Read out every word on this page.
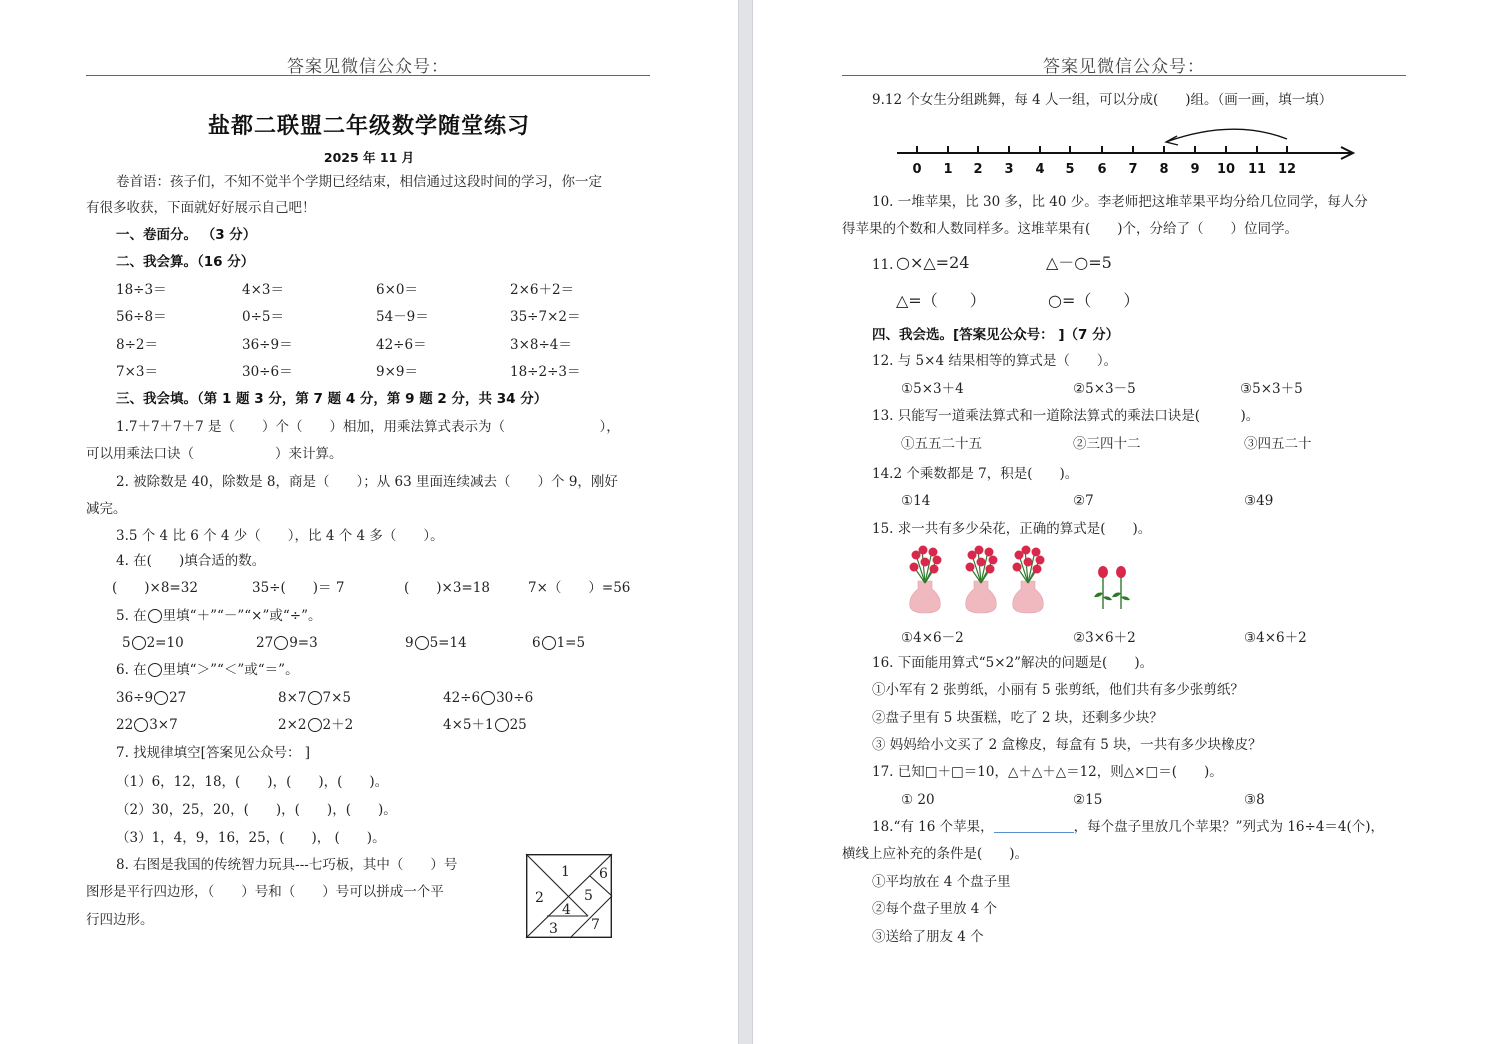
答案见微信公众号：
盐都二联盟二年级数学随堂练习
2025 年 11 月
卷首语：孩子们，不知不觉半个学期已经结束，相信通过这段时间的学习，你一定
有很多收获，下面就好好展示自己吧！
一、卷面分。 （3 分）
二、我会算。（16 分）
18÷3＝	4×3＝	6×0＝	2×6＋2＝
56÷8＝	0÷5＝	54－9＝	35÷7×2＝
8÷2＝	36÷9＝	42÷6＝	3×8÷4＝
7×3＝	30÷6＝	9×9＝	18÷2÷3＝
三、我会填。（第 1 题 3 分，第 7 题 4 分，第 9 题 2 分，共 34 分）
1.7＋7＋7＋7 是（　　）个（　　）相加，用乘法算式表示为（　　　　　　　），
可以用乘法口诀（　　　　　　）来计算。
2. 被除数是 40，除数是 8，商是（　　）；从 63 里面连续减去（　　）个 9，刚好
减完。
3.5 个 4 比 6 个 4 少（　　），比 4 个 4 多（　　）。
4. 在(　　)填合适的数。
(　　)×8=32	35÷(　　)＝ 7	(　　)×3=18	7×（　　）=56
5. 在 里填“＋”“－”“×”或“÷”。
5 2=10	27 9=3	9 5=14	6 1=5
6. 在 里填“＞”“＜”或“＝”。
36÷9 27	8×7 7×5	42÷6 30÷6
22 3×7	2×2 2＋2	4×5＋1 25
7. 找规律填空[答案见公众号： ]
（1）6，12，18，(　　)，(　　)，(　　)。
（2）30，25，20，(　　)，(　　)，(　　)。
（3）1，4，9，16，25，(　　)， (　　)。
8. 右图是我国的传统智力玩具---七巧板，其中（　　）号
图形是平行四边形，（　　）号和（　　）号可以拼成一个平
行四边形。
1
2
3
4
5
6
7
答案见微信公众号：
9.12 个女生分组跳舞，每 4 人一组，可以分成(　　)组。（画一画，填一填）
0 1 2 3 4 5 6 7 8 9 10 11 12
10. 一堆苹果，比 30 多，比 40 少。李老师把这堆苹果平均分给几位同学，每人分
得苹果的个数和人数同样多。这堆苹果有(　　)个，分给了（　　）位同学。
11. ○×△=24	△－○=5
△=（　　）	○=（　　）
四、我会选。[答案见公众号： ]（7 分）
12. 与 5×4 结果相等的算式是（　　）。
①5×3＋4	②5×3－5	③5×3＋5
13. 只能写一道乘法算式和一道除法算式的乘法口诀是(　　　)。
①五五二十五	②三四十二	③四五二十
14.2 个乘数都是 7，积是(　　)。
①14	②7	③49
15. 求一共有多少朵花，正确的算式是(　　)。
①4×6－2	②3×6＋2	③4×6＋2
16. 下面能用算式“5×2”解决的问题是(　　)。
①小军有 2 张剪纸，小丽有 5 张剪纸，他们共有多少张剪纸？
②盘子里有 5 块蛋糕，吃了 2 块，还剩多少块？
③ 妈妈给小文买了 2 盒橡皮，每盒有 5 块，一共有多少块橡皮？
17. 已知□＋□＝10，△＋△＋△＝12，则△×□＝(　　)。
① 20	②15	③8
18.“有 16 个苹果，	，每个盘子里放几个苹果？”列式为 16÷4＝4(个)，
横线上应补充的条件是(　　)。
①平均放在 4 个盘子里
②每个盘子里放 4 个
③送给了朋友 4 个
